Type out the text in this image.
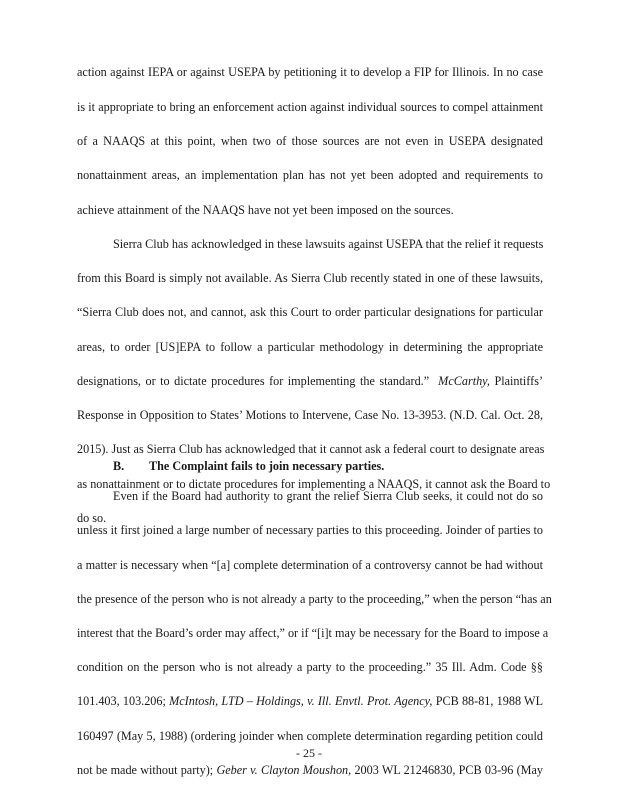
action against IEPA or against USEPA by petitioning it to develop a FIP for Illinois. In no case
is it appropriate to bring an enforcement action against individual sources to compel attainment
of a NAAQS at this point, when two of those sources are not even in USEPA designated
nonattainment areas, an implementation plan has not yet been adopted and requirements to
achieve attainment of the NAAQS have not yet been imposed on the sources.
Sierra Club has acknowledged in these lawsuits against USEPA that the relief it requests
from this Board is simply not available. As Sierra Club recently stated in one of these lawsuits,
“Sierra Club does not, and cannot, ask this Court to order particular designations for particular
areas, to order [US]EPA to follow a particular methodology in determining the appropriate
designations, or to dictate procedures for implementing the standard.” McCarthy, Plaintiffs’
Response in Opposition to States’ Motions to Intervene, Case No. 13-3953. (N.D. Cal. Oct. 28,
2015). Just as Sierra Club has acknowledged that it cannot ask a federal court to designate areas
as nonattainment or to dictate procedures for implementing a NAAQS, it cannot ask the Board to
do so.
B. The Complaint fails to join necessary parties.
Even if the Board had authority to grant the relief Sierra Club seeks, it could not do so
unless it first joined a large number of necessary parties to this proceeding. Joinder of parties to
a matter is necessary when “[a] complete determination of a controversy cannot be had without
the presence of the person who is not already a party to the proceeding,” when the person “has an
interest that the Board’s order may affect,” or if “[i]t may be necessary for the Board to impose a
condition on the person who is not already a party to the proceeding.” 35 Ill. Adm. Code §§
101.403, 103.206; McIntosh, LTD – Holdings, v. Ill. Envtl. Prot. Agency, PCB 88-81, 1988 WL
160497 (May 5, 1988) (ordering joinder when complete determination regarding petition could
not be made without party); Geber v. Clayton Moushon, 2003 WL 21246830, PCB 03-96 (May
- 25 -
